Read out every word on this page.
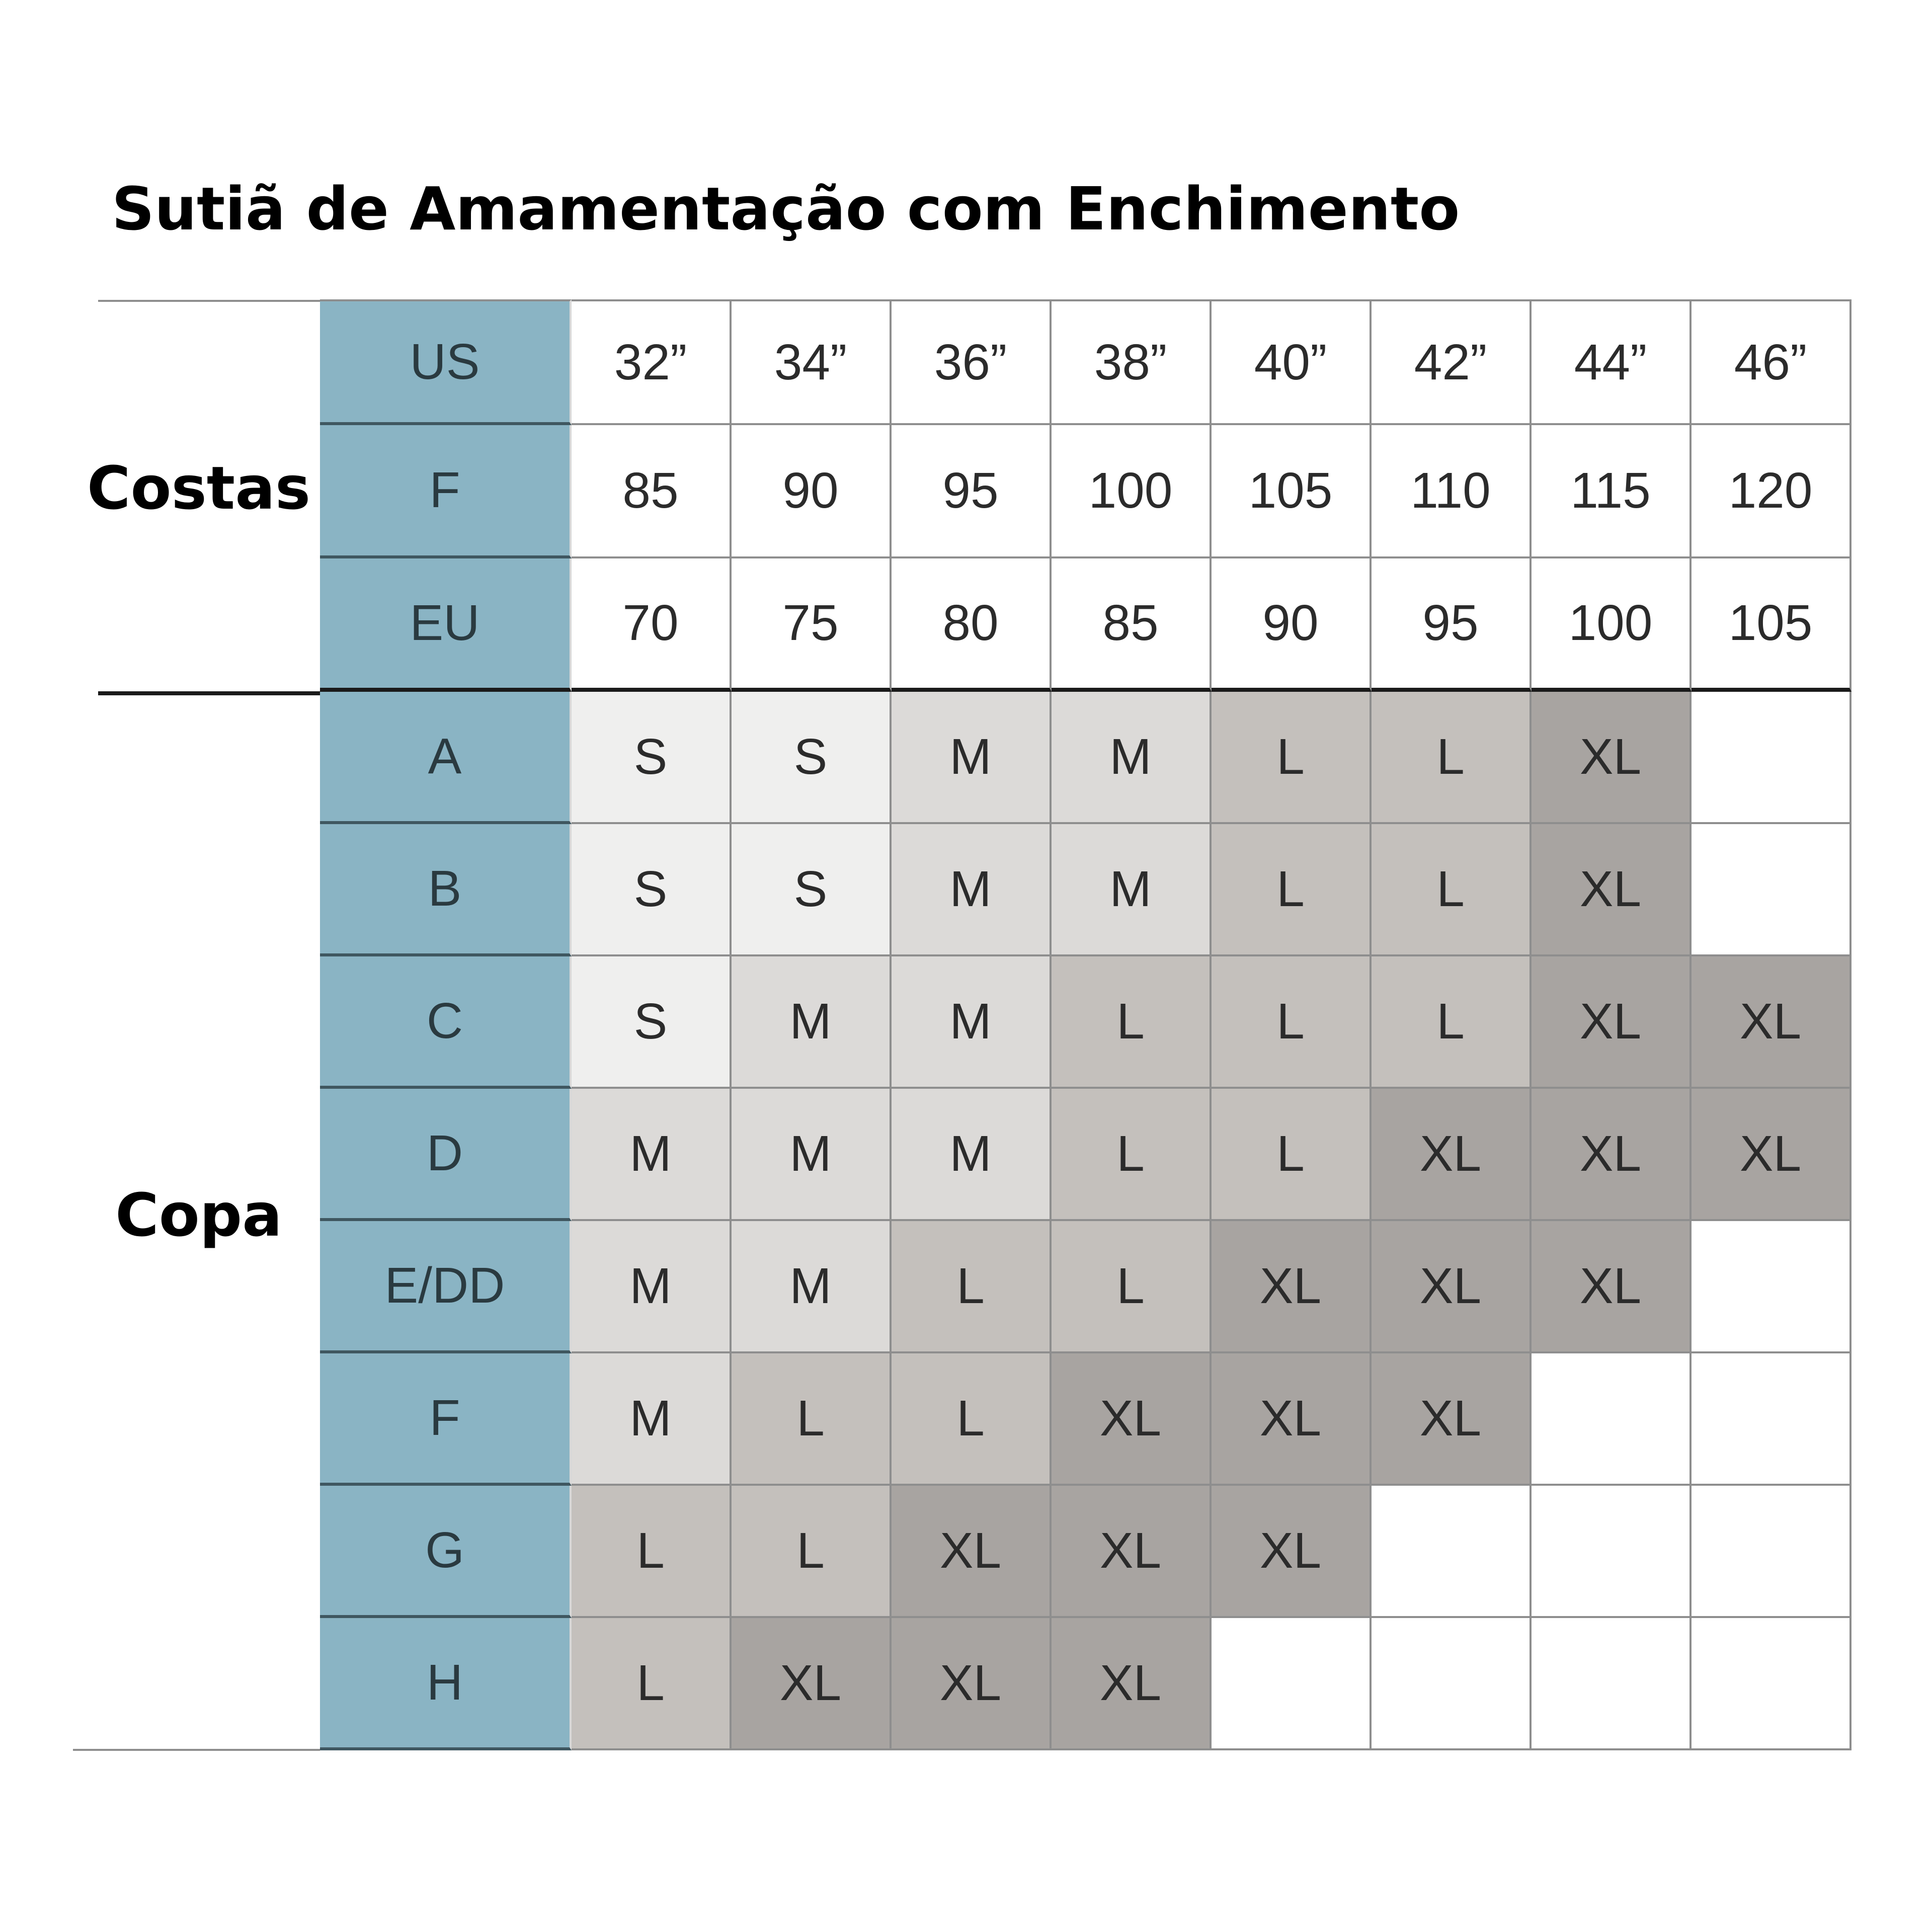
Sutiã de Amamentação com Enchimento
Costas
Copa
US	32”	34”	36”	38”	40”	42”	44”	46”
F	85	90	95	100	105	110	115	120
EU	70	75	80	85	90	95	100	105
A	S	S	M	M	L	L	XL
B	S	S	M	M	L	L	XL
C	S	M	M	L	L	L	XL	XL
D	M	M	M	L	L	XL	XL	XL
E/DD	M	M	L	L	XL	XL	XL
F	M	L	L	XL	XL	XL
G	L	L	XL	XL	XL
H	L	XL	XL	XL
